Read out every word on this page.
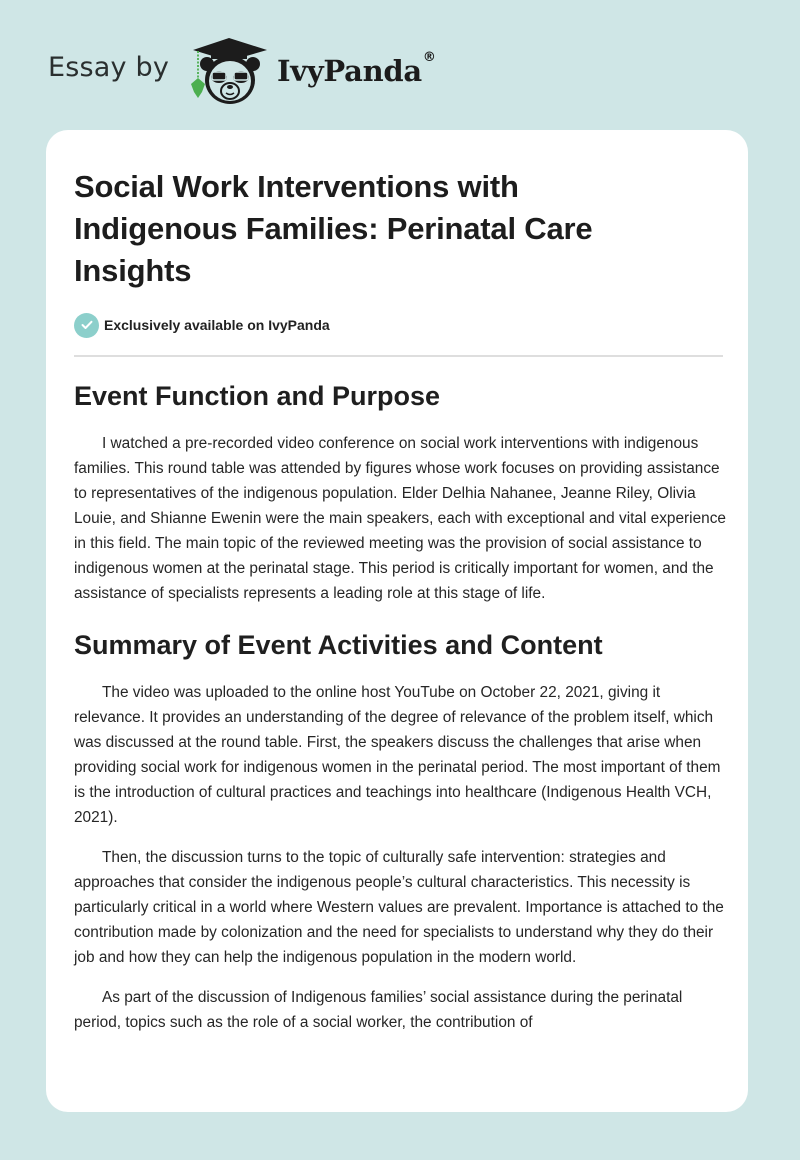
Essay by	IvyPanda®
Social Work Interventions with Indigenous Families: Perinatal Care Insights
Exclusively available on IvyPanda
Event Function and Purpose

I watched a pre-recorded video conference on social work interventions with indigenous families. This round table was attended by figures whose work focuses on providing assistance to representatives of the indigenous population. Elder Delhia Nahanee, Jeanne Riley, Olivia Louie, and Shianne Ewenin were the main speakers, each with exceptional and vital experience in this field. The main topic of the reviewed meeting was the provision of social assistance to indigenous women at the perinatal stage. This period is critically important for women, and the assistance of specialists represents a leading role at this stage of life.

Summary of Event Activities and Content

The video was uploaded to the online host YouTube on October 22, 2021, giving it relevance. It provides an understanding of the degree of relevance of the problem itself, which was discussed at the round table. First, the speakers discuss the challenges that arise when providing social work for indigenous women in the perinatal period. The most important of them is the introduction of cultural practices and teachings into healthcare (Indigenous Health VCH, 2021).

Then, the discussion turns to the topic of culturally safe intervention: strategies and approaches that consider the indigenous people’s cultural characteristics. This necessity is particularly critical in a world where Western values are prevalent. Importance is attached to the contribution made by colonization and the need for specialists to understand why they do their job and how they can help the indigenous population in the modern world.

As part of the discussion of Indigenous families’ social assistance during the perinatal period, topics such as the role of a social worker, the contribution of
